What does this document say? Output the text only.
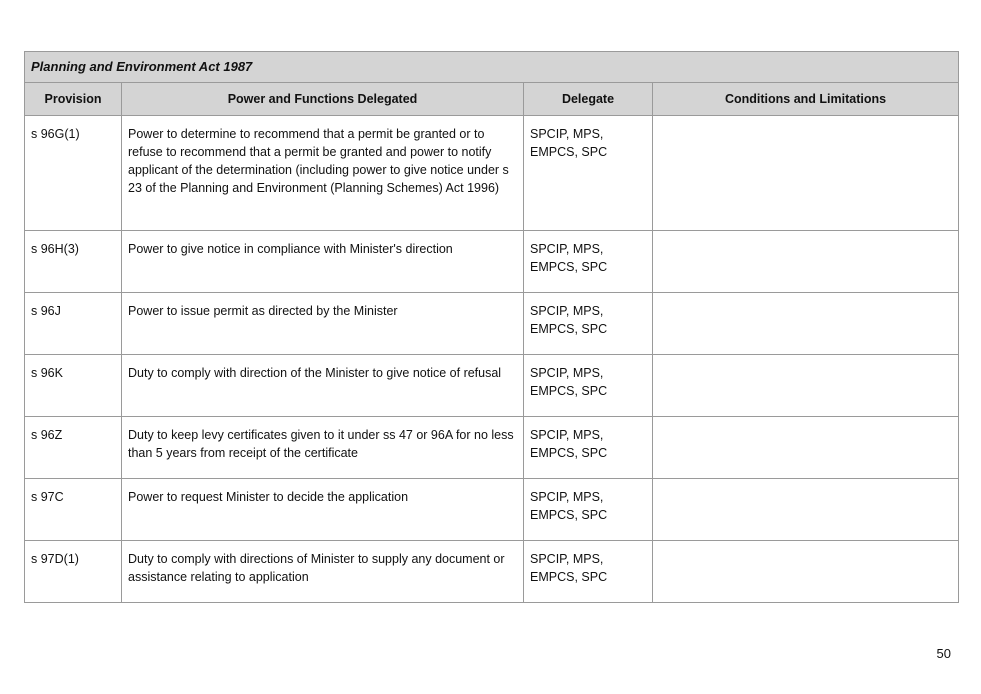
Planning and Environment Act 1987			
Provision	Power and Functions Delegated	Delegate	Conditions and Limitations
s 96G(1)	Power to determine to recommend that a permit be granted or to refuse to recommend that a permit be granted and power to notify applicant of the determination (including power to give notice under s 23 of the Planning and Environment (Planning Schemes) Act 1996)	SPCIP, MPS, EMPCS, SPC	
s 96H(3)	Power to give notice in compliance with Minister's direction	SPCIP, MPS, EMPCS, SPC	
s 96J	Power to issue permit as directed by the Minister	SPCIP, MPS, EMPCS, SPC	
s 96K	Duty to comply with direction of the Minister to give notice of refusal	SPCIP, MPS, EMPCS, SPC	
s 96Z	Duty to keep levy certificates given to it under ss 47 or 96A for no less than 5 years from receipt of the certificate	SPCIP, MPS, EMPCS, SPC	
s 97C	Power to request Minister to decide the application	SPCIP, MPS, EMPCS, SPC	
s 97D(1)	Duty to comply with directions of Minister to supply any document or assistance relating to application	SPCIP, MPS, EMPCS, SPC	
50
